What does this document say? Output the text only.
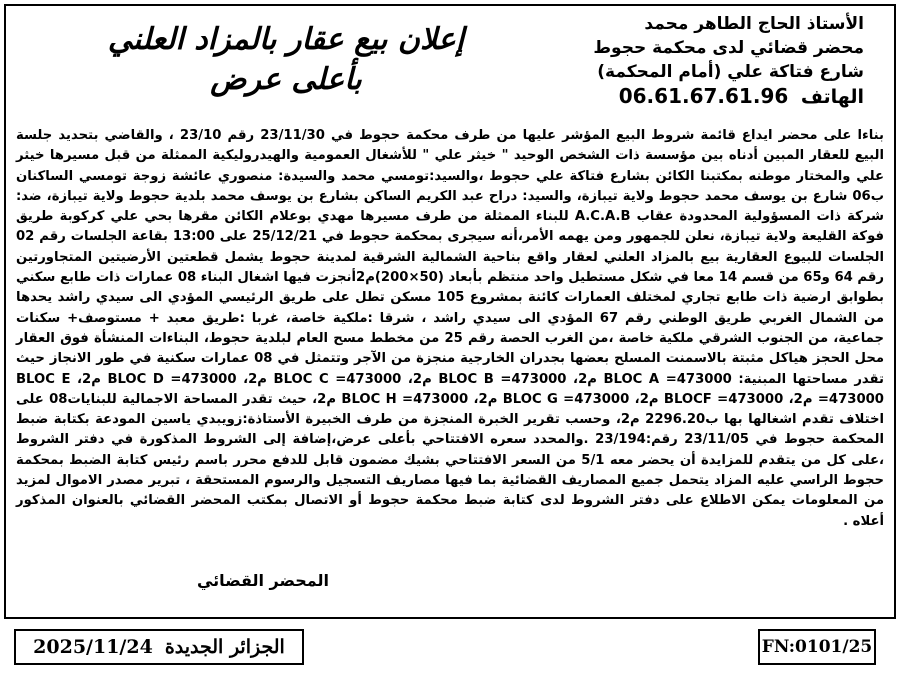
الأستاذ الحاج الطاهر محمد
محضر قضائي لدى محكمة حجوط
شارع فتاكة علي (أمام المحكمة)
الهاتف 06.61.67.61.96
إعلان بيع عقار بالمزاد العلني
بأعلى عرض

بناءا على محضر ايداع قائمة شروط البيع المؤشر عليها من طرف محكمة حجوط في 23/11/30 رقم 23/10 ، والقاضي بتحديد جلسة البيع للعقار المبين أدناه بين مؤسسة ذات الشخص الوحيد " خيثر علي " للأشغال العمومية والهيدروليكية الممثلة من قبل مسيرها خيثر علي والمختار موطنه بمكتبنا الكائن بشارع فتاكة علي حجوط ،والسيد:تومسي محمد والسيدة: منصوري عائشة زوجة تومسي الساكنان ب06 شارع بن يوسف محمد حجوط ولاية تيبازة، والسيد: دراح عبد الكريم الساكن بشارع بن يوسف محمد بلدية حجوط ولاية تيبازة، ضد: شركة ذات المسؤولية المحدودة عقاب A.C.A.B للبناء الممثلة من طرف مسيرها مهدي بوعلام الكائن مقرها بحي علي كركوبة طريق فوكة القليعة ولاية تيبازة، نعلن للجمهور ومن يهمه الأمر،أنه سيجرى بمحكمة حجوط في 25/12/21 على 13:00 بقاعة الجلسات رقم 02 الجلسات للبيوع العقارية بيع بالمزاد العلني لعقار واقع بناحية الشمالية الشرقية لمدينة حجوط يشمل قطعتين الأرضيتين المتجاورتين رقم 64 و65 من قسم 14 معا في شكل مستطيل واحد منتظم بأبعاد (50×200)م2أنجزت فيها اشغال البناء 08 عمارات ذات طابع سكني بطوابق ارضية ذات طابع تجاري لمختلف العمارات كائنة بمشروع 105 مسكن تطل على طريق الرئيسي المؤدي الى سيدي راشد يحدها من الشمال الغربي طريق الوطني رقم 67 المؤدي الى سيدي راشد ، شرقا :ملكية خاصة، غربا :طريق معبد + مستوصف+ سكنات جماعية، من الجنوب الشرقي ملكية خاصة ،من الغرب الحصة رقم 25 من مخطط مسح العام لبلدية حجوط، البناءات المنشأة فوق العقار محل الحجز هياكل مثبتة بالاسمنت المسلح بعضها بجدران الخارجية منجزة من الآجر وتتمثل في 08 عمارات سكنية في طور الانجاز حيث تقدر مساحتها المبنية: BLOC A =473000 م2، BLOC B =473000 م2، BLOC C =473000 م2، BLOC D =473000 م2، BLOC E =473000 م2، BLOCF =473000 م2، BLOC G =473000 م2، BLOC H =473000 م2، حيث تقدر المساحة الاجمالية للبنايات08 على اختلاف تقدم اشغالها بها ب2296.20 م2، وحسب تقرير الخبرة المنجزة من طرف الخبيرة الأستاذة:زويبدي ياسين المودعة بكتابة ضبط المحكمة حجوط في 23/11/05 رقم:23/194 .والمحدد سعره الافتتاحي بأعلى عرض،إضافة إلى الشروط المذكورة في دفتر الشروط ،على كل من يتقدم للمزايدة أن يحضر معه 5/1 من السعر الافتتاحي بشيك مضمون قابل للدفع محرر باسم رئيس كتابة الضبط بمحكمة حجوط الراسي عليه المزاد يتحمل جميع المصاريف القضائية بما فيها مصاريف التسجيل والرسوم المستحقة ، تبرير مصدر الاموال لمزيد من المعلومات يمكن الاطلاع على دفتر الشروط لدى كتابة ضبط محكمة حجوط أو الاتصال بمكتب المحضر القضائي بالعنوان المذكور أعلاه .

المحضر القضائي
الجزائر الجديدة
2025/11/24	FN:0101/25
